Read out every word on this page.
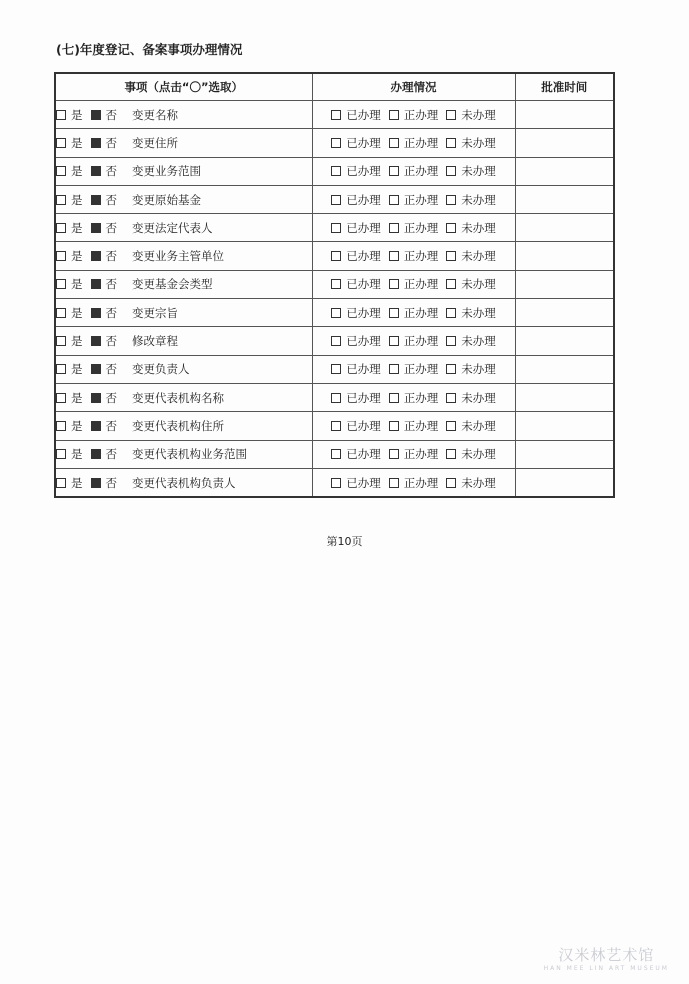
(七)年度登记、备案事项办理情况
事项（点击“〇”选取）	办理情况	批准时间
是 否 变更名称	已办理 正办理 未办理	
是 否 变更住所	已办理 正办理 未办理	
是 否 变更业务范围	已办理 正办理 未办理	
是 否 变更原始基金	已办理 正办理 未办理	
是 否 变更法定代表人	已办理 正办理 未办理	
是 否 变更业务主管单位	已办理 正办理 未办理	
是 否 变更基金会类型	已办理 正办理 未办理	
是 否 变更宗旨	已办理 正办理 未办理	
是 否 修改章程	已办理 正办理 未办理	
是 否 变更负责人	已办理 正办理 未办理	
是 否 变更代表机构名称	已办理 正办理 未办理	
是 否 变更代表机构住所	已办理 正办理 未办理	
是 否 变更代表机构业务范围	已办理 正办理 未办理	
是 否 变更代表机构负责人	已办理 正办理 未办理	
第10页
汉米林艺术馆
HAN MEE LIN ART MUSEUM
